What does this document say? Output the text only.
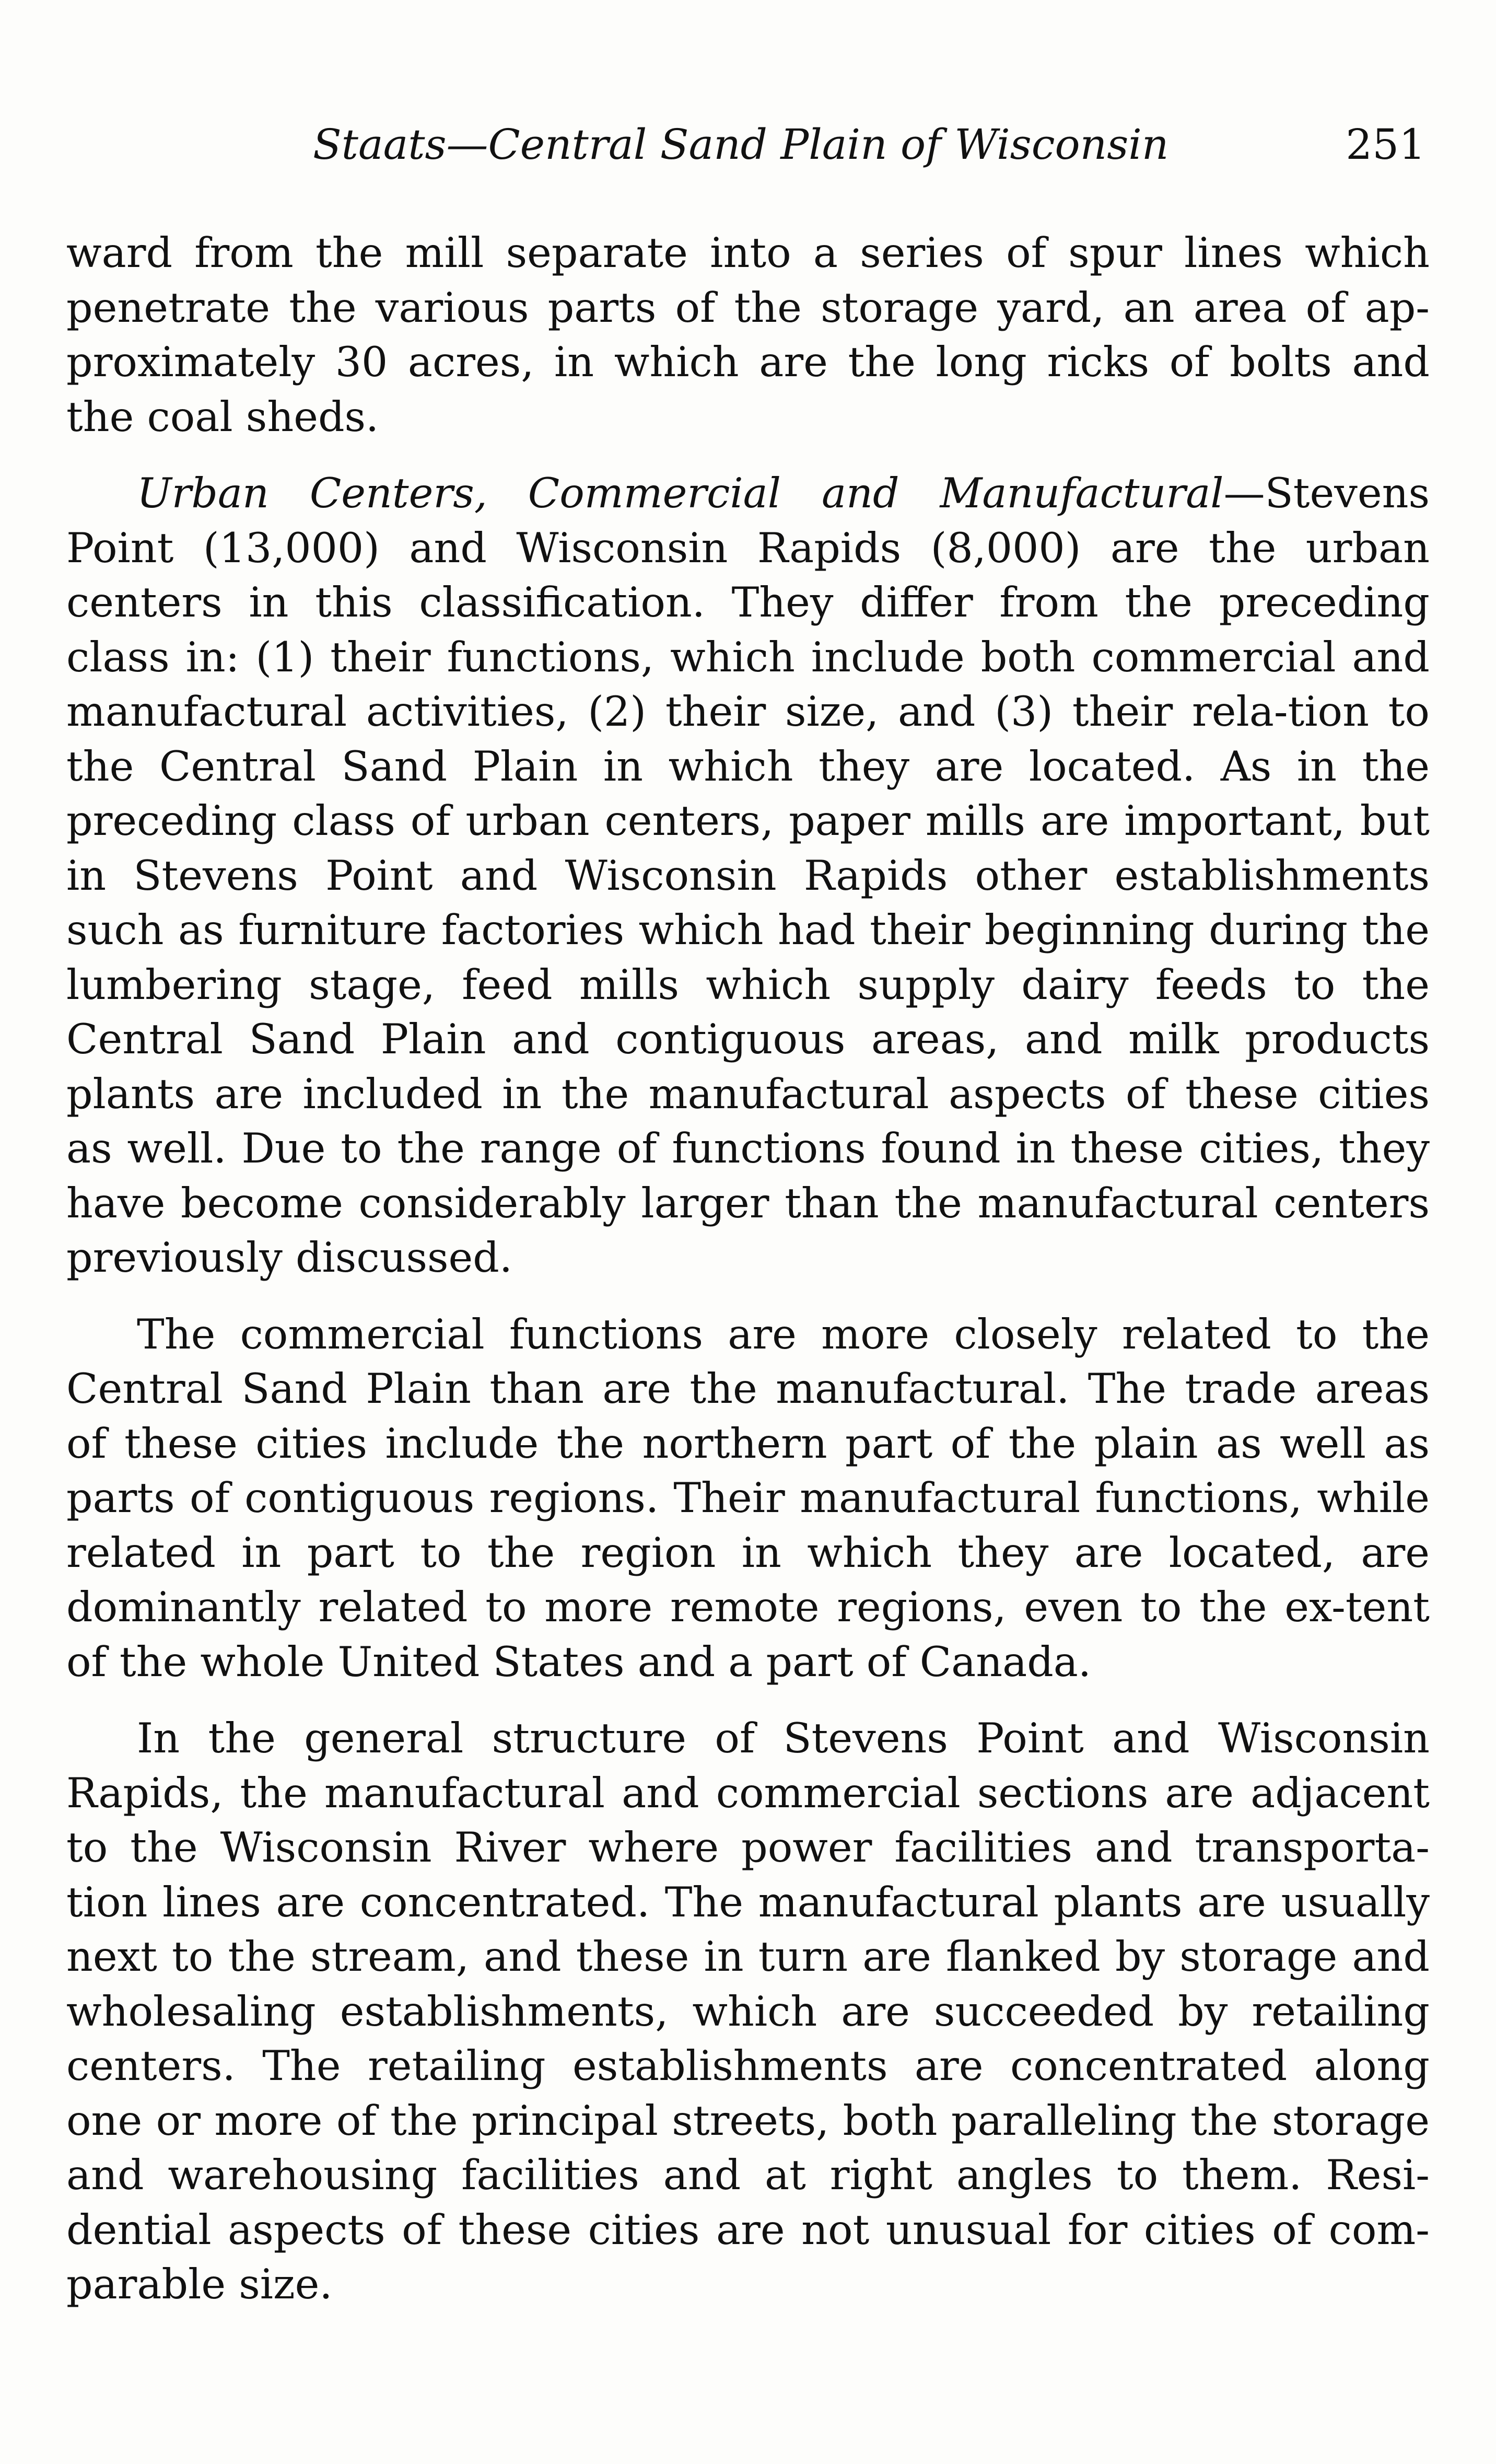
Staats—Central Sand Plain of Wisconsin	251

ward from the mill separate into a series of spur lines which penetrate the various parts of the storage yard, an area of ap-proximately 30 acres, in which are the long ricks of bolts and the coal sheds.

Urban Centers, Commercial and Manufactural—Stevens Point (13,000) and Wisconsin Rapids (8,000) are the urban centers in this classification. They differ from the preceding class in: (1) their functions, which include both commercial and manufactural activities, (2) their size, and (3) their rela-tion to the Central Sand Plain in which they are located. As in the preceding class of urban centers, paper mills are important, but in Stevens Point and Wisconsin Rapids other establishments such as furniture factories which had their beginning during the lumbering stage, feed mills which supply dairy feeds to the Central Sand Plain and contiguous areas, and milk products plants are included in the manufactural aspects of these cities as well. Due to the range of functions found in these cities, they have become considerably larger than the manufactural centers previously discussed.

The commercial functions are more closely related to the Central Sand Plain than are the manufactural. The trade areas of these cities include the northern part of the plain as well as parts of contiguous regions. Their manufactural functions, while related in part to the region in which they are located, are dominantly related to more remote regions, even to the ex-tent of the whole United States and a part of Canada.

In the general structure of Stevens Point and Wisconsin Rapids, the manufactural and commercial sections are adjacent to the Wisconsin River where power facilities and transporta-tion lines are concentrated. The manufactural plants are usually next to the stream, and these in turn are flanked by storage and wholesaling establishments, which are succeeded by retailing centers. The retailing establishments are concentrated along one or more of the principal streets, both paralleling the storage and warehousing facilities and at right angles to them. Resi-dential aspects of these cities are not unusual for cities of com-parable size.
